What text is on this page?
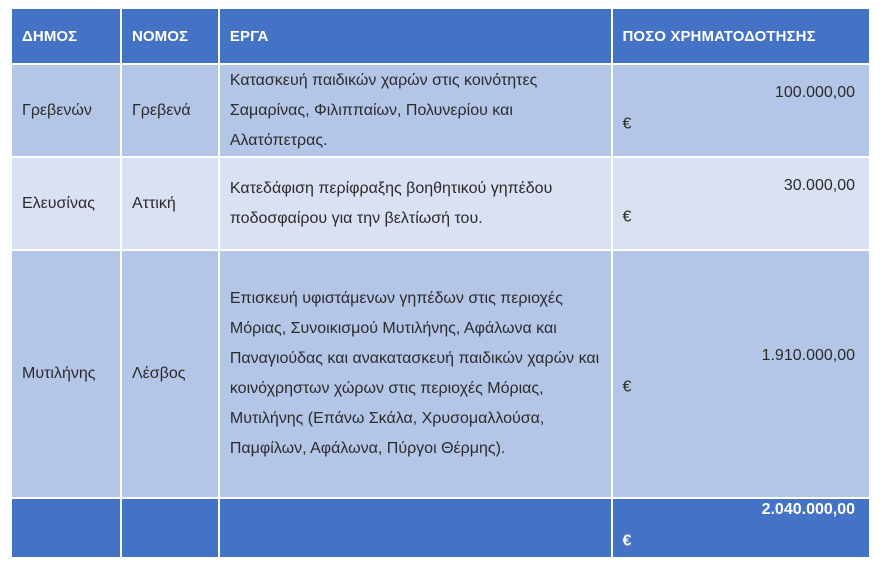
ΔΗΜΟΣ	ΝΟΜΟΣ	ΕΡΓΑ	ΠΟΣΟ ΧΡΗΜΑΤΟΔΟΤΗΣΗΣ
Γρεβενών	Γρεβενά	Κατασκευή παιδικών χαρών στις κοινότητες Σαμαρίνας, Φιλιππαίων, Πολυνερίου και Αλατόπετρας.	100.000,00
€

Ελευσίνας	Αττική	Κατεδάφιση περίφραξης βοηθητικού γηπέδου ποδοσφαίρου για την βελτίωσή του.	30.000,00
€

Μυτιλήνης	Λέσβος	Επισκευή υφιστάμενων γηπέδων στις περιοχές Μόριας, Συνοικισμού Μυτιλήνης, Αφάλωνα και Παναγιούδας και ανακατασκευή παιδικών χαρών και κοινόχρηστων χώρων στις περιοχές Μόριας, Μυτιλήνης (Επάνω Σκάλα, Χρυσομαλλούσα, Παμφίλων, Αφάλωνα, Πύργοι Θέρμης).	1.910.000,00
€

			2.040.000,00
€
